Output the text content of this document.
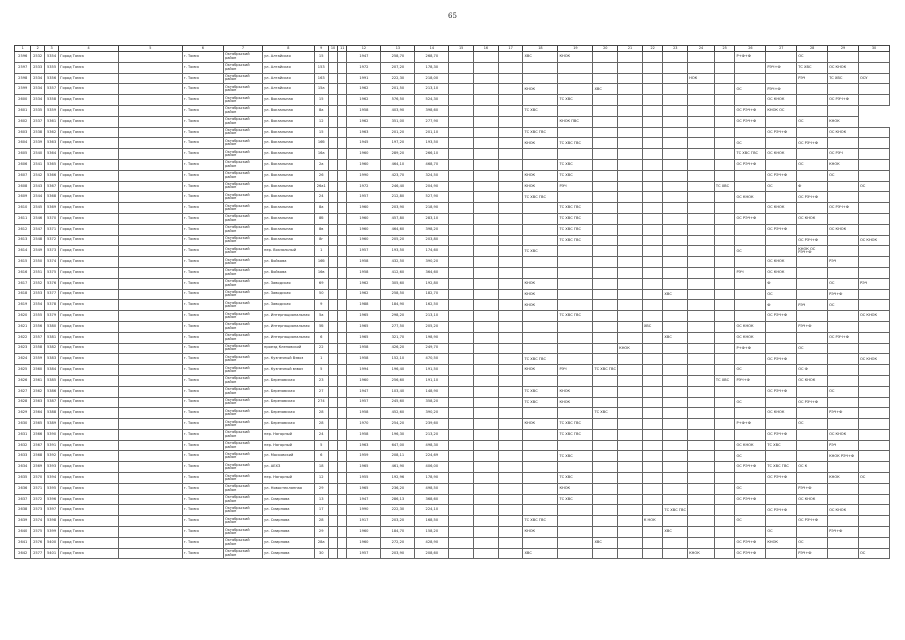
65
1	2	3	4	5	6	7	8	9	10	11	12	13	14	15	16	17	18	19	20	21	22	23	24	25	26	27	28	29	30
2596	2532	5354	Город Томск		г. Томск	Октябрьский район	ул. Алтайская	15			1947	258,70	268,70				ХВС	КНОК							Р+Ф+Ф		ОС		
2597	2533	5355	Город Томск		г. Томск	Октябрьский район	ул. Алтайская	153			1972	207,20	178,30													РЭЧ+Ф	ТС ХВС	ОС КНОК	
2598	2534	5356	Город Томск		г. Томск	Октябрьский район	ул. Алтайская	163			1991	222,30	218,00										НОК				РЭЧ	ТС ХВС	ОСУ
2599	2534	5357	Город Томск		г. Томск	Октябрьский район	ул. Алтайская	15а			1962	201,50	213,10				КНОК		ХВС						ОС	РЭЧ+Ф			
2600	2534	5358	Город Томск		г. Томск	Октябрьский район	ул. Вокзальная	15			1962	576,50	524,30					ТС ХВС								ОС КНОК		ОС РЭЧ+Ф	
2601	2535	5359	Город Томск		г. Томск	Октябрьский район	ул. Вокзальная	8а			1958	403,90	398,60				ТС ХВС								ОС РЭЧ+Ф	КНОК ОС			
2602	2537	5361	Город Томск		г. Томск	Октябрьский район	ул. Вокзальная	12			1962	351,00	277,90					КНОК ПВС							ОС РЭЧ+Ф		ОС	КНОК	
2603	2538	5362	Город Томск		г. Томск	Октябрьский район	ул. Вокзальная	15			1963	201,20	201,10				ТС ХВС ГВС									ОС РЭЧ+Ф		ОС КНОК	
2604	2539	5363	Город Томск		г. Томск	Октябрьский район	ул. Вокзальная	16б			1945	197,20	193,50				КНОК	ТС ХВС ГВС							ОС		ОС РЭЧ+Ф		
2605	2540	5364	Город Томск		г. Томск	Октябрьский район	ул. Вокзальная	16а			1960	289,20	266,10												ТС ХВС ГВС	ОС КНОК		ОС РЭЧ	
2606	2541	5365	Город Томск		г. Томск	Октябрьский район	ул. Вокзальная	2а			1960	464,10	468,70					ТС ХВС							ОС РЭЧ+Ф		ОС	КНОК	
2607	2542	5366	Город Томск		г. Томск	Октябрьский район	ул. Вокзальная	26			1990	423,70	324,50				КНОК	ТС ХВС								ОС РЭЧ+Ф		ОС	
2608	2543	5367	Город Томск		г. Томск	Октябрьский район	ул. Вокзальная	26а1			1972	246,40	204,90				КНОК	РЭЧ						ТС ХВС		ОС	Ф		ОС
2609	2544	5368	Город Томск		г. Томск	Октябрьский район	ул. Вокзальная	24			1957	212,80	527,90				ТС ХВС ГВС								ОС КНОК		ОС РЭЧ+Ф		
2610	2545	5369	Город Томск		г. Томск	Октябрьский район	ул. Вокзальная	8а			1960	203,90	218,90					ТС ХВС ГВС								ОС КНОК		ОС РЭЧ+Ф	
2611	2546	5370	Город Томск		г. Томск	Октябрьский район	ул. Вокзальная	8б			1960	457,80	283,10					ТС ХВС ГВС							ОС РЭЧ+Ф		ОС КНОК		
2612	2547	5371	Город Томск		г. Томск	Октябрьский район	ул. Вокзальная	8в			1960	464,60	398,20					ТС ХВС ГВС								ОС РЭЧ+Ф		ОС КНОК	
2613	2548	5372	Город Томск		г. Томск	Октябрьский район	ул. Вокзальная	8г			1960	205,20	203,80					ТС ХВС ГВС									ОС РЭЧ+Ф		ОС КНОК
2614	2549	5373	Город Томск		г. Томск	Октябрьский район	пер. Вокзальный	1			1957	193,50	174,60				ТС ХВС								ОС		КНОК ОС РЭЧ+Ф		
2615	2550	5374	Город Томск		г. Томск	Октябрьский район	ул. Войкова	16б			1958	432,50	390,20													ОС КНОК		РЭЧ	
2616	2551	5375	Город Томск		г. Томск	Октябрьский район	ул. Войкова	16в			1958	412,60	364,60												РЭЧ	ОС КНОК			
2617	2552	5376	Город Томск		г. Томск	Октябрьский район	ул. Заводская	69			1962	305,60	192,80				КНОК									Ф		ОС	РЭЧ
2618	2553	5377	Город Томск		г. Томск	Октябрьский район	ул. Заводская	50			1962	258,50	182,70				КНОК					ХВС				ОС		РЭЧ+Ф	
2619	2554	5378	Город Томск		г. Томск	Октябрьский район	ул. Заводская	9			1988	184,90	162,50				КНОК									Ф	РЭЧ	ОС	
2620	2555	5379	Город Томск		г. Томск	Октябрьский район	ул. Интернациональная	5а			1965	298,20	213,10					ТС ХВС ГВС								ОС РЭЧ+Ф			ОС КНОК
2621	2556	5380	Город Томск		г. Томск	Октябрьский район	ул. Интернациональная	5б			1965	277,50	205,20								ХВС				ОС КНОК		РЭЧ+Ф		
2622	2557	5381	Город Томск		г. Томск	Октябрьский район	ул. Интернациональная	6			1965	321,70	198,90									ХВС			ОС КНОК			ОС РЭЧ+Ф	
2623	2558	5382	Город Томск		г. Томск	Октябрьский район	проезд Кленовский	22			1958	426,20	249,70							КНОК					Р+Ф+Ф		ОС		
2624	2559	5383	Город Томск		г. Томск	Октябрьский район	ул. Кузнечный Взвоз	1			1958	152,10	470,50				ТС ХВС ГВС									ОС РЭЧ+Ф			ОС КНОК
2625	2560	5384	Город Томск		г. Томск	Октябрьский район	ул. Кузнечный взвоз	5			1994	196,40	191,50				КНОК	РЭЧ	ТС ХВС ГВС						ОС		ОС Ф		
2626	2561	5385	Город Томск		г. Томск	Октябрьский район	ул. Березовская	23			1960	256,60	191,10											ТС ХВС	РЭЧ+Ф		ОС КНОК		
2627	2562	5386	Город Томск		г. Томск	Октябрьский район	ул. Березовская	27			1947	103,40	148,90				ТС ХВС	КНОК								ОС РЭЧ+Ф		ОС	
2628	2563	5387	Город Томск		г. Томск	Октябрьский район	ул. Березовская	274			1957	245,60	358,20				ТС ХВС	КНОК							ОС		ОС РЭЧ+Ф		
2629	2564	5388	Город Томск		г. Томск	Октябрьский район	ул. Березовская	28			1958	452,60	390,20						ТС ХВС							ОС КНОК		РЭЧ+Ф	
2630	2565	5389	Город Томск		г. Томск	Октябрьский район	ул. Березовская	28			1970	254,20	239,60				КНОК	ТС ХВС ГВС							Р+Ф+Ф		ОС		
2631	2566	5390	Город Томск		г. Томск	Октябрьский район	пер. Нагорный	24			1958	196,30	213,20					ТС ХВС ГВС								ОС РЭЧ+Ф		ОС КНОК	
2632	2567	5391	Город Томск		г. Томск	Октябрьский район	пер. Нагорный	5			1963	647,00	498,30												ОС КНОК	ТС ХВС		РЭЧ	
2633	2568	5392	Город Томск		г. Томск	Октябрьский район	ул. Московский	6			1959	208,11	224,69					ТС ХВС							ОС			КНОК РЭЧ+Ф	
2634	2569	5393	Город Томск		г. Томск	Октябрьский район	ул. АЕХЗ	18			1965	461,90	406,00												ОС РЭЧ+Ф	ТС ХВС ГВС	ОС К		
2635	2570	5394	Город Томск		г. Томск	Октябрьский район	пер. Нагорный	12			1955	192,96	178,90					ТС ХВС								ОС РЭЧ+Ф		КНОК	ОС
2636	2571	5395	Город Томск		г. Томск	Октябрьский район	ул. Новостеклянная	29			1965	236,20	498,50					КНОК							ОС		РЭЧ+Ф		
2637	2572	5396	Город Томск		г. Томск	Октябрьский район	ул. Смирнова	13			1947	286,13	368,60					ТС ХВС							ОС РЭЧ+Ф		ОС КНОК		
2638	2573	5397	Город Томск		г. Томск	Октябрьский район	ул. Смирнова	17			1990	222,30	224,10									ТС ХВС ГВС				ОС РЭЧ+Ф		ОС КНОК	
2639	2574	5398	Город Томск		г. Томск	Октябрьский район	ул. Смирнова	28			1917	203,20	168,50				ТС ХВС ГВС				К НОК				ОС		ОС РЭЧ+Ф		
2640	2575	5399	Город Томск		г. Томск	Октябрьский район	ул. Смирнова	29			1960	184,70	158,20				КНОК					ХВС				ОС		РЭЧ+Ф	
2641	2576	5400	Город Томск		г. Томск	Октябрьский район	ул. Смирнова	28а			1960	272,20	428,90						ХВС						ОС РЭЧ+Ф	КНОК	ОС		
2642	2577	5401	Город Томск		г. Томск	Октябрьский район	ул. Смирнова	30			1957	203,90	208,60				ХВС						КНОК		ОС РЭЧ+Ф		РЭЧ+Ф		ОС
